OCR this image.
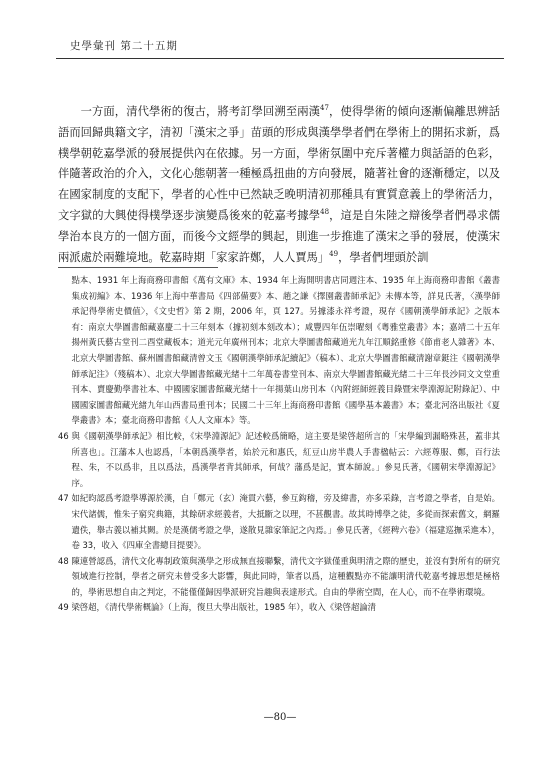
史學彙刊 第二十五期
一方面，清代學術的復古，將考訂學回溯至兩漢$^{47}$，使得學術的傾向逐漸偏離思辨話語而回歸典籍文字，清初「漢宋之爭」苗頭的形成與漢學學者們在學術上的開拓求新，爲樸學朝乾嘉學派的發展提供內在依據。另一方面，學術氛圍中充斥著權力與話語的色彩，伴隨著政治的介入，文化心態朝著一種極爲扭曲的方向發展，隨著社會的逐漸穩定，以及在國家制度的支配下，學者的心性中已然缺乏晚明清初那種具有實質意義上的學術活力，文字獄的大興使得樸學逐步演變爲後來的乾嘉考據學$^{48}$，這是自朱陸之辯後學者們尋求儒學治本良方的一個方面，而後今文經學的興起，則進一步推進了漢宋之爭的發展，使漢宋兩派處於兩難境地。乾嘉時期「家家許鄭，人人賈馬」$^{49}$，學者們埋頭於訓

點本、1931 年上海商務印書館《萬有文庫》本、1934 年上海開明書店同週注本、1935 年上海商務印書館《叢書集成初編》本、1936 年上海中華書局《四部備要》本、趙之謙《擇園叢書師承記》未傳本等，詳見氏著，〈漢學師承記得學術史價值〉，《文史哲》第 2 期，2006 年，頁 127。另據漆永祥考證，現存《國朝漢學師承記》之版本有：南京大學圖書館藏嘉慶二十三年刻本（據初刻本刻改本）；咸豐四年伍崇曜刻《粵雅堂叢書》本；嘉靖二十五年揚州黃氏藝古堂刊二酉堂藏板本；道光元年廣州刊本；北京大學圖書館藏道光九年江順銘重修《節甫老人雜著》本、北京大學圖書館、蘇州圖書館藏清曾文玉《國朝漢學師承記續記》（稿本）、北京大學圖書館藏清謝章鋌注《國朝漢學師承記注》（殘稿本）、北京大學圖書館藏光緒十二年萬卷書堂刊本、南京大學圖書館藏光緒二十三年長沙同文文堂重刊本、賣慶勤學書社本、中國國家圖書館藏光緒十一年揚葉山房刊本（內附經師經義目錄暨宋學淵源記附錄記）、中國國家圖書館藏光緒九年山西書局重刊本；民國二十三年上海商務印書館《國學基本叢書》本；臺北河洛出版社《夏學叢書》本；臺北商務印書館《人人文庫本》等。

46 與《國朝漢學師承記》相比較，《宋學淵源記》記述較爲簡略，這主要是梁啓超所言的「宋學編到漏略殊甚，蓋非其所喜也」。江藩本人也認爲，「本朝爲漢學者，始於元和惠氏，紅豆山房半農人手書楹帖云：六經尊服、鄭，百行法程、朱，不以爲非，且以爲法，爲漢學者背其師承，何哉？藩爲是記，實本師說。」參見氏著，《國朝宋學淵源記》序。

47 如紀昀認爲考證學導源於漢，自「鄭元（玄）淹貫六藝，參互鈎稽，旁及緯書，亦多采錄，言考證之學者，自是始。宋代諸儒，惟朱子窮究典籍，其餘研求經義者，大抵斷之以理，不甚觀書。故其時博學之徒，多從而探索舊文，網羅遺佚，舉古義以補其闕。於是漢儒考證之學，遂散見雜家筆記之內焉。」參見氏著，《經稗六卷》（福建巡撫采進本），卷 33，收入《四庫全書總目提要》。

48 陳連營認爲，清代文化專制政策與漢學之形成無直接聯繫，清代文字獄僅重與明清之際的歷史，並沒有對所有的研究領域進行控制，學者之研究未曾受多大影響，與此同時，筆者以爲，這種觀點亦不能讓明清代乾嘉考據思想是極格的，學術思想自由之判定，不能僅僅歸因學派研究旨趣與表達形式。自由的學術空間，在人心，而不在學術環境。

49 梁啓超，《清代學術概論》（上海，復旦大學出版社，1985 年），收入《梁啓超論清

—80—
